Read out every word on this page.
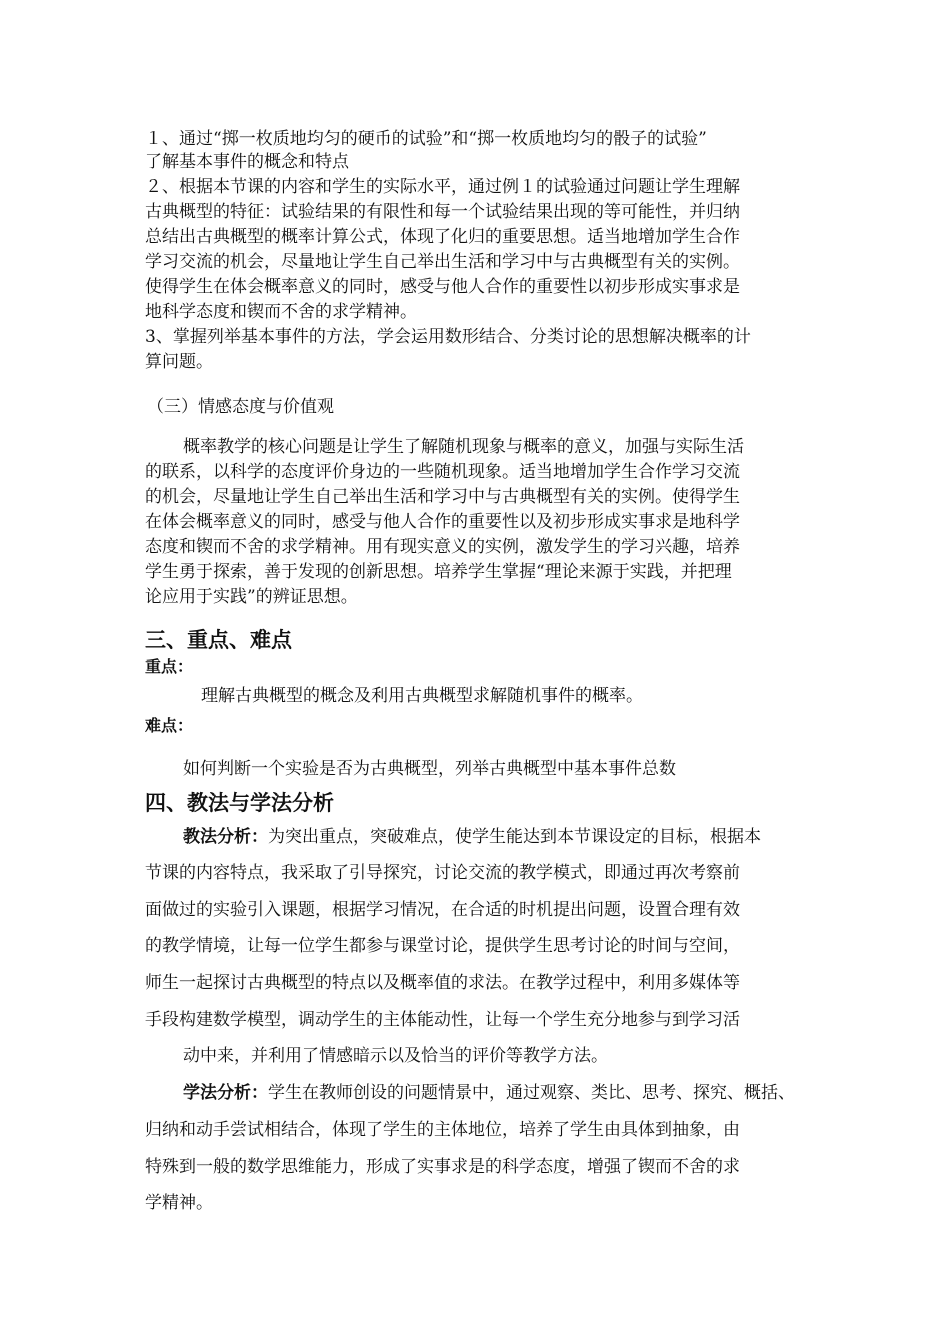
１、通过“掷一枚质地均匀的硬币的试验”和“掷一枚质地均匀的骰子的试验”
了解基本事件的概念和特点
２、根据本节课的内容和学生的实际水平，通过例１的试验通过问题让学生理解
古典概型的特征：试验结果的有限性和每一个试验结果出现的等可能性，并归纳
总结出古典概型的概率计算公式，体现了化归的重要思想。适当地增加学生合作
学习交流的机会，尽量地让学生自己举出生活和学习中与古典概型有关的实例。
使得学生在体会概率意义的同时，感受与他人合作的重要性以初步形成实事求是
地科学态度和锲而不舍的求学精神。
3、掌握列举基本事件的方法，学会运用数形结合、分类讨论的思想解决概率的计
算问题。
（三）情感态度与价值观
概率教学的核心问题是让学生了解随机现象与概率的意义，加强与实际生活
的联系，以科学的态度评价身边的一些随机现象。适当地增加学生合作学习交流
的机会，尽量地让学生自己举出生活和学习中与古典概型有关的实例。使得学生
在体会概率意义的同时，感受与他人合作的重要性以及初步形成实事求是地科学
态度和锲而不舍的求学精神。用有现实意义的实例，激发学生的学习兴趣，培养
学生勇于探索，善于发现的创新思想。培养学生掌握“理论来源于实践，并把理
论应用于实践”的辨证思想。
三、重点、难点
重点：
理解古典概型的概念及利用古典概型求解随机事件的概率。
难点：
如何判断一个实验是否为古典概型，列举古典概型中基本事件总数
四、教法与学法分析
教法分析：为突出重点，突破难点，使学生能达到本节课设定的目标，根据本
节课的内容特点，我采取了引导探究，讨论交流的教学模式，即通过再次考察前
面做过的实验引入课题，根据学习情况，在合适的时机提出问题，设置合理有效
的教学情境，让每一位学生都参与课堂讨论，提供学生思考讨论的时间与空间，
师生一起探讨古典概型的特点以及概率值的求法。在教学过程中，利用多媒体等
手段构建数学模型，调动学生的主体能动性，让每一个学生充分地参与到学习活
动中来，并利用了情感暗示以及恰当的评价等教学方法。
学法分析：学生在教师创设的问题情景中，通过观察、类比、思考、探究、概括、
归纳和动手尝试相结合，体现了学生的主体地位，培养了学生由具体到抽象，由
特殊到一般的数学思维能力，形成了实事求是的科学态度，增强了锲而不舍的求
学精神。
